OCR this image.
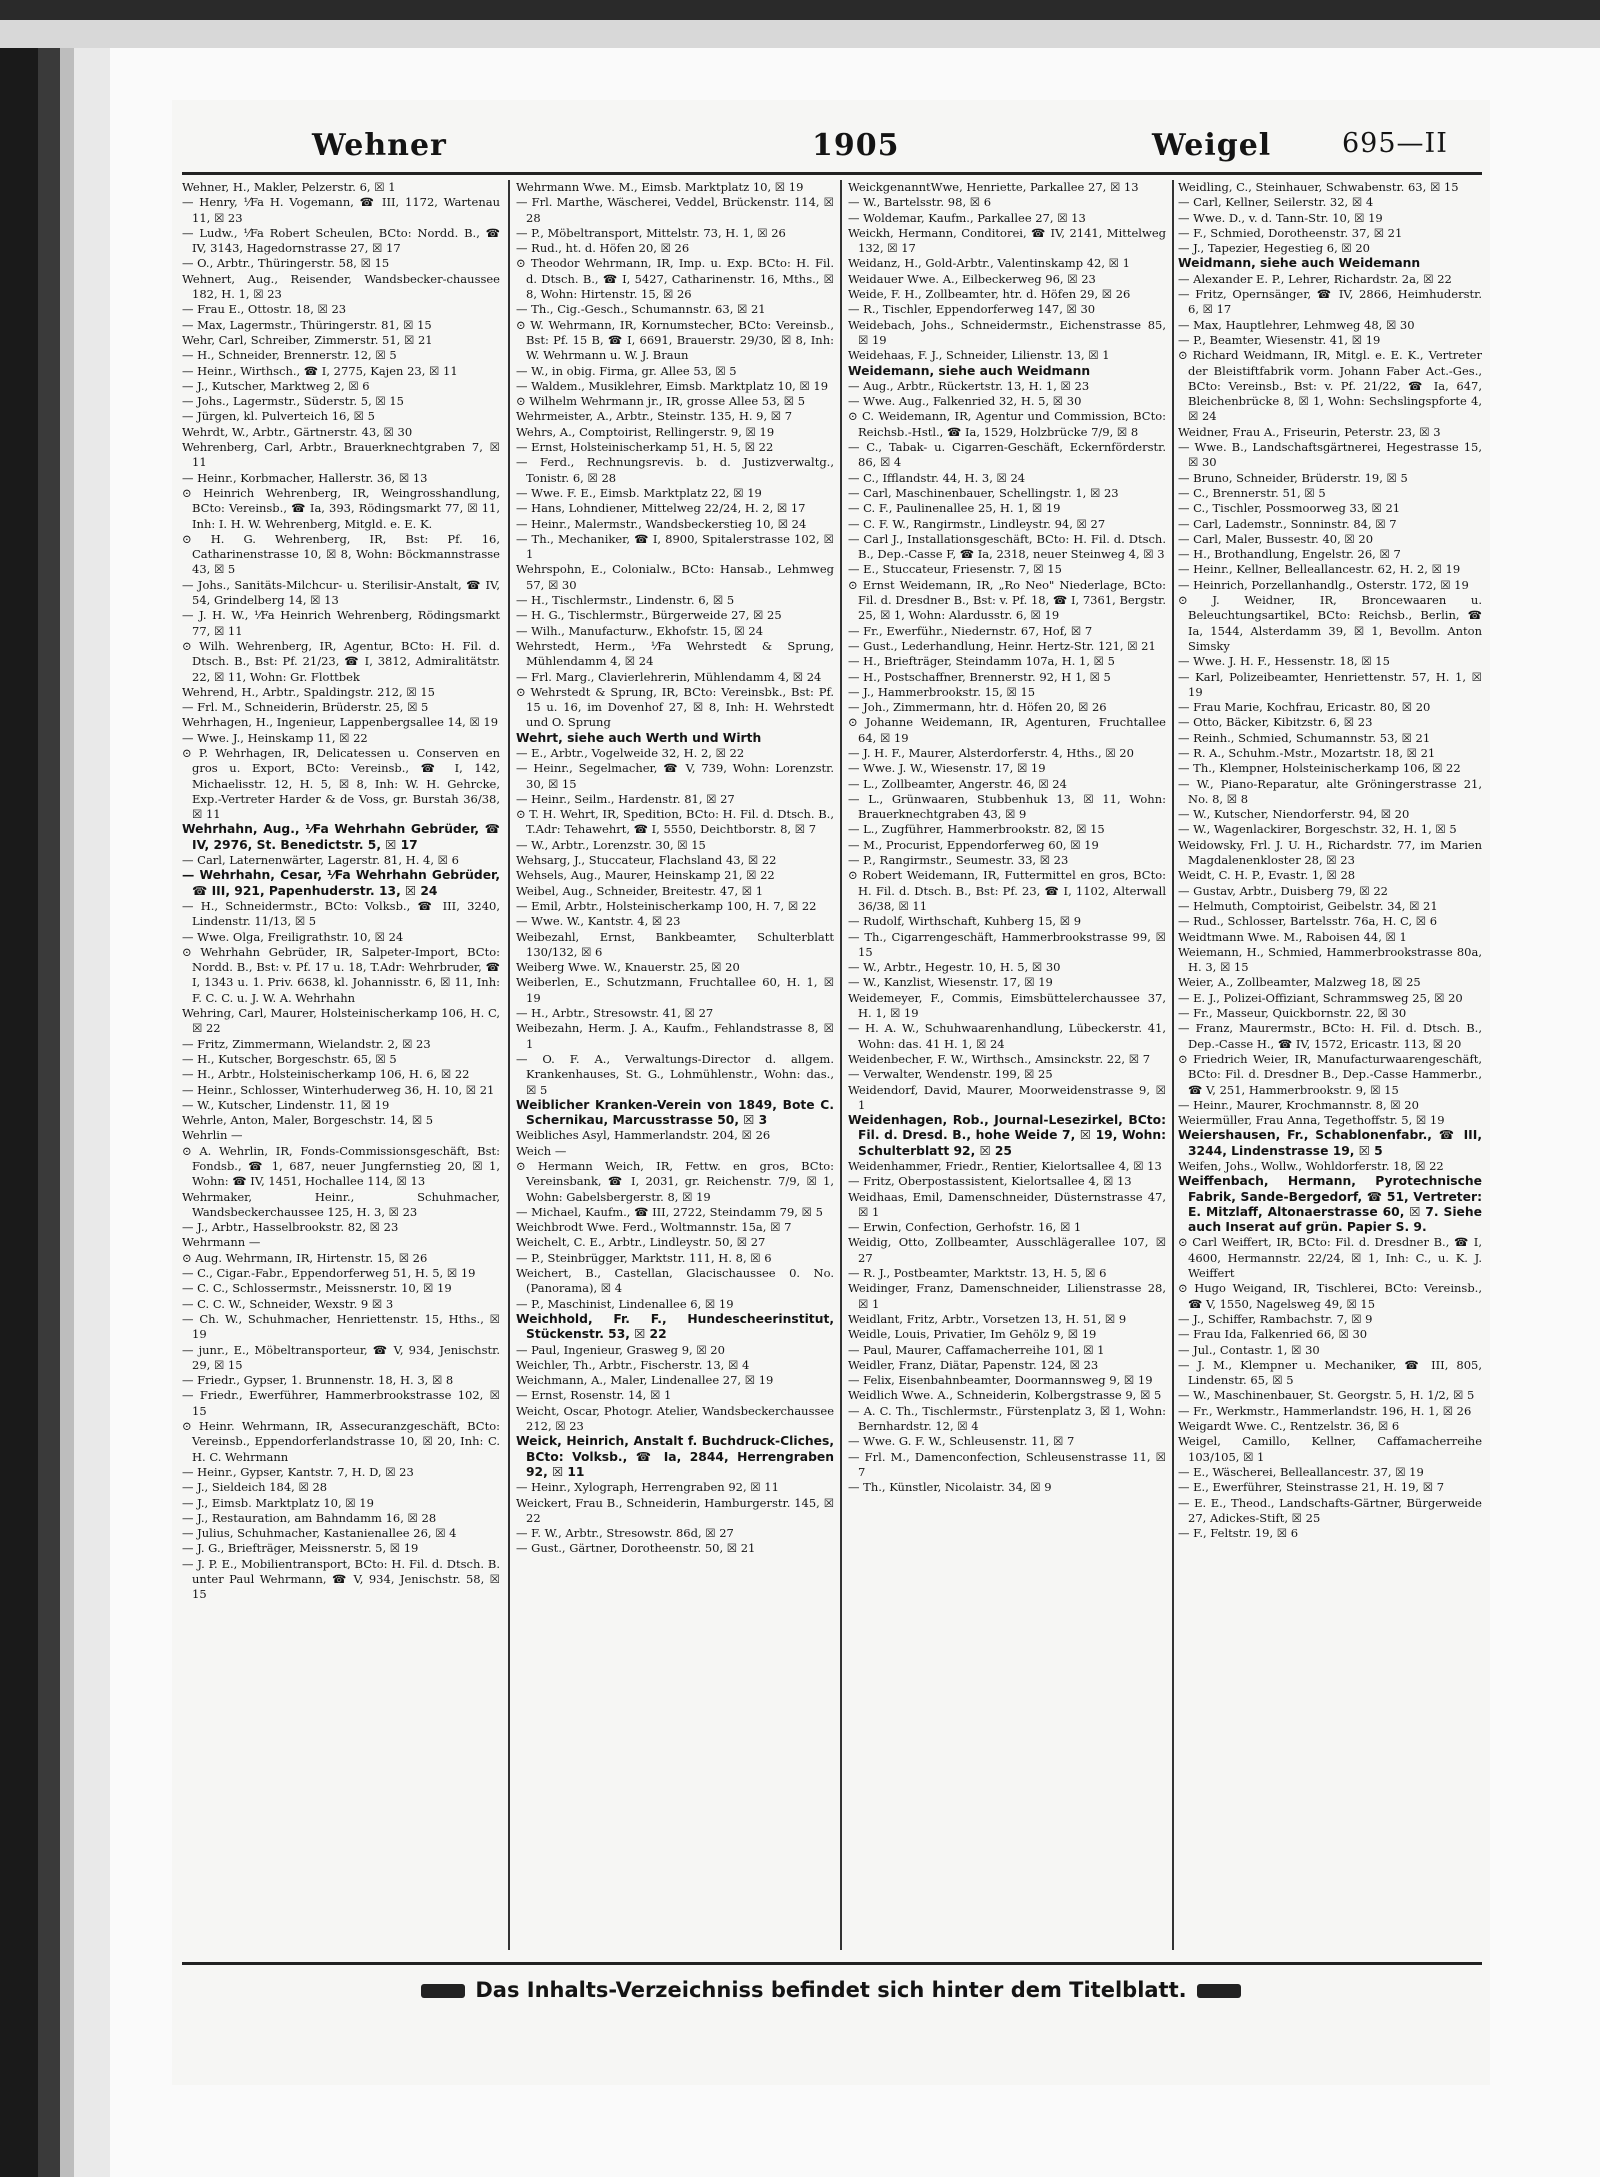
Wehner	1905	Weigel	695—II

Wehner, H., Makler, Pelzerstr. 6, ☒ 1

— Henry, ⅟Fa H. Vogemann, ☎ III, 1172, Wartenau 11, ☒ 23

— Ludw., ⅟Fa Robert Scheulen, BCto: Nordd. B., ☎ IV, 3143, Hagedornstrasse 27, ☒ 17

— O., Arbtr., Thüringerstr. 58, ☒ 15

Wehnert, Aug., Reisender, Wandsbecker-chaussee 182, H. 1, ☒ 23

— Frau E., Ottostr. 18, ☒ 23

— Max, Lagermstr., Thüringerstr. 81, ☒ 15

Wehr, Carl, Schreiber, Zimmerstr. 51, ☒ 21

— H., Schneider, Brennerstr. 12, ☒ 5

— Heinr., Wirthsch., ☎ I, 2775, Kajen 23, ☒ 11

— J., Kutscher, Marktweg 2, ☒ 6

— Johs., Lagermstr., Süderstr. 5, ☒ 15

— Jürgen, kl. Pulverteich 16, ☒ 5

Wehrdt, W., Arbtr., Gärtnerstr. 43, ☒ 30

Wehrenberg, Carl, Arbtr., Brauerknechtgraben 7, ☒ 11

— Heinr., Korbmacher, Hallerstr. 36, ☒ 13

⊙ Heinrich Wehrenberg, IR, Weingrosshandlung, BCto: Vereinsb., ☎ Ia, 393, Rödingsmarkt 77, ☒ 11, Inh: I. H. W. Wehrenberg, Mitgld. e. E. K.

⊙ H. G. Wehrenberg, IR, Bst: Pf. 16, Catharinenstrasse 10, ☒ 8, Wohn: Böckmannstrasse 43, ☒ 5

— Johs., Sanitäts-Milchcur- u. Sterilisir-Anstalt, ☎ IV, 54, Grindelberg 14, ☒ 13

— J. H. W., ⅟Fa Heinrich Wehrenberg, Rödingsmarkt 77, ☒ 11

⊙ Wilh. Wehrenberg, IR, Agentur, BCto: H. Fil. d. Dtsch. B., Bst: Pf. 21/23, ☎ I, 3812, Admiralitätstr. 22, ☒ 11, Wohn: Gr. Flottbek

Wehrend, H., Arbtr., Spaldingstr. 212, ☒ 15

— Frl. M., Schneiderin, Brüderstr. 25, ☒ 5

Wehrhagen, H., Ingenieur, Lappenbergsallee 14, ☒ 19

— Wwe. J., Heinskamp 11, ☒ 22

⊙ P. Wehrhagen, IR, Delicatessen u. Conserven en gros u. Export, BCto: Vereinsb., ☎ I, 142, Michaelisstr. 12, H. 5, ☒ 8, Inh: W. H. Gehrcke, Exp.-Vertreter Harder & de Voss, gr. Burstah 36/38, ☒ 11

Wehrhahn, Aug., ⅟Fa Wehrhahn Gebrüder, ☎ IV, 2976, St. Benedictstr. 5, ☒ 17

— Carl, Laternenwärter, Lagerstr. 81, H. 4, ☒ 6

— Wehrhahn, Cesar, ⅟Fa Wehrhahn Gebrüder, ☎ III, 921, Papenhuderstr. 13, ☒ 24

— H., Schneidermstr., BCto: Volksb., ☎ III, 3240, Lindenstr. 11/13, ☒ 5

— Wwe. Olga, Freiligrathstr. 10, ☒ 24

⊙ Wehrhahn Gebrüder, IR, Salpeter-Import, BCto: Nordd. B., Bst: v. Pf. 17 u. 18, T.Adr: Wehrbruder, ☎ I, 1343 u. 1. Priv. 6638, kl. Johannisstr. 6, ☒ 11, Inh: F. C. C. u. J. W. A. Wehrhahn

Wehring, Carl, Maurer, Holsteinischerkamp 106, H. C, ☒ 22

— Fritz, Zimmermann, Wielandstr. 2, ☒ 23

— H., Kutscher, Borgeschstr. 65, ☒ 5

— H., Arbtr., Holsteinischerkamp 106, H. 6, ☒ 22

— Heinr., Schlosser, Winterhuderweg 36, H. 10, ☒ 21

— W., Kutscher, Lindenstr. 11, ☒ 19

Wehrle, Anton, Maler, Borgeschstr. 14, ☒ 5

Wehrlin —

⊙ A. Wehrlin, IR, Fonds-Commissionsgeschäft, Bst: Fondsb., ☎ 1, 687, neuer Jungfernstieg 20, ☒ 1, Wohn: ☎ IV, 1451, Hochallee 114, ☒ 13

Wehrmaker, Heinr., Schuhmacher, Wandsbeckerchaussee 125, H. 3, ☒ 23

— J., Arbtr., Hasselbrookstr. 82, ☒ 23

Wehrmann —

⊙ Aug. Wehrmann, IR, Hirtenstr. 15, ☒ 26

— C., Cigar.-Fabr., Eppendorferweg 51, H. 5, ☒ 19

— C. C., Schlossermstr., Meissnerstr. 10, ☒ 19

— C. C. W., Schneider, Wexstr. 9 ☒ 3

— Ch. W., Schuhmacher, Henriettenstr. 15, Hths., ☒ 19

— junr., E., Möbeltransporteur, ☎ V, 934, Jenischstr. 29, ☒ 15

— Friedr., Gypser, 1. Brunnenstr. 18, H. 3, ☒ 8

— Friedr., Ewerführer, Hammerbrookstrasse 102, ☒ 15

⊙ Heinr. Wehrmann, IR, Assecuranzgeschäft, BCto: Vereinsb., Eppendorferlandstrasse 10, ☒ 20, Inh: C. H. C. Wehrmann

— Heinr., Gypser, Kantstr. 7, H. D, ☒ 23

— J., Sieldeich 184, ☒ 28

— J., Eimsb. Marktplatz 10, ☒ 19

— J., Restauration, am Bahndamm 16, ☒ 28

— Julius, Schuhmacher, Kastanienallee 26, ☒ 4

— J. G., Briefträger, Meissnerstr. 5, ☒ 19

— J. P. E., Mobilientransport, BCto: H. Fil. d. Dtsch. B. unter Paul Wehrmann, ☎ V, 934, Jenischstr. 58, ☒ 15

Wehrmann Wwe. M., Eimsb. Marktplatz 10, ☒ 19

— Frl. Marthe, Wäscherei, Veddel, Brückenstr. 114, ☒ 28

— P., Möbeltransport, Mittelstr. 73, H. 1, ☒ 26

— Rud., ht. d. Höfen 20, ☒ 26

⊙ Theodor Wehrmann, IR, Imp. u. Exp. BCto: H. Fil. d. Dtsch. B., ☎ I, 5427, Catharinenstr. 16, Mths., ☒ 8, Wohn: Hirtenstr. 15, ☒ 26

— Th., Cig.-Gesch., Schumannstr. 63, ☒ 21

⊙ W. Wehrmann, IR, Kornumstecher, BCto: Vereinsb., Bst: Pf. 15 B, ☎ I, 6691, Brauerstr. 29/30, ☒ 8, Inh: W. Wehrmann u. W. J. Braun

— W., in obig. Firma, gr. Allee 53, ☒ 5

— Waldem., Musiklehrer, Eimsb. Marktplatz 10, ☒ 19

⊙ Wilhelm Wehrmann jr., IR, grosse Allee 53, ☒ 5

Wehrmeister, A., Arbtr., Steinstr. 135, H. 9, ☒ 7

Wehrs, A., Comptoirist, Rellingerstr. 9, ☒ 19

— Ernst, Holsteinischerkamp 51, H. 5, ☒ 22

— Ferd., Rechnungsrevis. b. d. Justizverwaltg., Tonistr. 6, ☒ 28

— Wwe. F. E., Eimsb. Marktplatz 22, ☒ 19

— Hans, Lohndiener, Mittelweg 22/24, H. 2, ☒ 17

— Heinr., Malermstr., Wandsbeckerstieg 10, ☒ 24

— Th., Mechaniker, ☎ I, 8900, Spitalerstrasse 102, ☒ 1

Wehrspohn, E., Colonialw., BCto: Hansab., Lehmweg 57, ☒ 30

— H., Tischlermstr., Lindenstr. 6, ☒ 5

— H. G., Tischlermstr., Bürgerweide 27, ☒ 25

— Wilh., Manufacturw., Ekhofstr. 15, ☒ 24

Wehrstedt, Herm., ⅟Fa Wehrstedt & Sprung, Mühlendamm 4, ☒ 24

— Frl. Marg., Clavierlehrerin, Mühlendamm 4, ☒ 24

⊙ Wehrstedt & Sprung, IR, BCto: Vereinsbk., Bst: Pf. 15 u. 16, im Dovenhof 27, ☒ 8, Inh: H. Wehrstedt und O. Sprung

Wehrt, siehe auch Werth und Wirth

— E., Arbtr., Vogelweide 32, H. 2, ☒ 22

— Heinr., Segelmacher, ☎ V, 739, Wohn: Lorenzstr. 30, ☒ 15

— Heinr., Seilm., Hardenstr. 81, ☒ 27

⊙ T. H. Wehrt, IR, Spedition, BCto: H. Fil. d. Dtsch. B., T.Adr: Tehawehrt, ☎ I, 5550, Deichtborstr. 8, ☒ 7

— W., Arbtr., Lorenzstr. 30, ☒ 15

Wehsarg, J., Stuccateur, Flachsland 43, ☒ 22

Wehsels, Aug., Maurer, Heinskamp 21, ☒ 22

Weibel, Aug., Schneider, Breitestr. 47, ☒ 1

— Emil, Arbtr., Holsteinischerkamp 100, H. 7, ☒ 22

— Wwe. W., Kantstr. 4, ☒ 23

Weibezahl, Ernst, Bankbeamter, Schulterblatt 130/132, ☒ 6

Weiberg Wwe. W., Knauerstr. 25, ☒ 20

Weiberlen, E., Schutzmann, Fruchtallee 60, H. 1, ☒ 19

— H., Arbtr., Stresowstr. 41, ☒ 27

Weibezahn, Herm. J. A., Kaufm., Fehlandstrasse 8, ☒ 1

— O. F. A., Verwaltungs-Director d. allgem. Krankenhauses, St. G., Lohmühlenstr., Wohn: das., ☒ 5

Weiblicher Kranken-Verein von 1849, Bote C. Schernikau, Marcusstrasse 50, ☒ 3

Weibliches Asyl, Hammerlandstr. 204, ☒ 26

Weich —

⊙ Hermann Weich, IR, Fettw. en gros, BCto: Vereinsbank, ☎ I, 2031, gr. Reichenstr. 7/9, ☒ 1, Wohn: Gabelsbergerstr. 8, ☒ 19

— Michael, Kaufm., ☎ III, 2722, Steindamm 79, ☒ 5

Weichbrodt Wwe. Ferd., Woltmannstr. 15a, ☒ 7

Weichelt, C. E., Arbtr., Lindleystr. 50, ☒ 27

— P., Steinbrügger, Marktstr. 111, H. 8, ☒ 6

Weichert, B., Castellan, Glacischaussee 0. No. (Panorama), ☒ 4

— P., Maschinist, Lindenallee 6, ☒ 19

Weichhold, Fr. F., Hundescheerinstitut, Stückenstr. 53, ☒ 22

— Paul, Ingenieur, Grasweg 9, ☒ 20

Weichler, Th., Arbtr., Fischerstr. 13, ☒ 4

Weichmann, A., Maler, Lindenallee 27, ☒ 19

— Ernst, Rosenstr. 14, ☒ 1

Weicht, Oscar, Photogr. Atelier, Wandsbeckerchaussee 212, ☒ 23

Weick, Heinrich, Anstalt f. Buchdruck-Cliches, BCto: Volksb., ☎ Ia, 2844, Herrengraben 92, ☒ 11

— Heinr., Xylograph, Herrengraben 92, ☒ 11

Weickert, Frau B., Schneiderin, Hamburgerstr. 145, ☒ 22

— F. W., Arbtr., Stresowstr. 86d, ☒ 27

— Gust., Gärtner, Dorotheenstr. 50, ☒ 21

WeickgenanntWwe, Henriette, Parkallee 27, ☒ 13

— W., Bartelsstr. 98, ☒ 6

— Woldemar, Kaufm., Parkallee 27, ☒ 13

Weickh, Hermann, Conditorei, ☎ IV, 2141, Mittelweg 132, ☒ 17

Weidanz, H., Gold-Arbtr., Valentinskamp 42, ☒ 1

Weidauer Wwe. A., Eilbeckerweg 96, ☒ 23

Weide, F. H., Zollbeamter, htr. d. Höfen 29, ☒ 26

— R., Tischler, Eppendorferweg 147, ☒ 30

Weidebach, Johs., Schneidermstr., Eichenstrasse 85, ☒ 19

Weidehaas, F. J., Schneider, Lilienstr. 13, ☒ 1

Weidemann, siehe auch Weidmann

— Aug., Arbtr., Rückertstr. 13, H. 1, ☒ 23

— Wwe. Aug., Falkenried 32, H. 5, ☒ 30

⊙ C. Weidemann, IR, Agentur und Commission, BCto: Reichsb.-Hstl., ☎ Ia, 1529, Holzbrücke 7/9, ☒ 8

— C., Tabak- u. Cigarren-Geschäft, Eckernförderstr. 86, ☒ 4

— C., Ifflandstr. 44, H. 3, ☒ 24

— Carl, Maschinenbauer, Schellingstr. 1, ☒ 23

— C. F., Paulinenallee 25, H. 1, ☒ 19

— C. F. W., Rangirmstr., Lindleystr. 94, ☒ 27

— Carl J., Installationsgeschäft, BCto: H. Fil. d. Dtsch. B., Dep.-Casse F, ☎ Ia, 2318, neuer Steinweg 4, ☒ 3

— E., Stuccateur, Friesenstr. 7, ☒ 15

⊙ Ernst Weidemann, IR, „Ro Neo" Niederlage, BCto: Fil. d. Dresdner B., Bst: v. Pf. 18, ☎ I, 7361, Bergstr. 25, ☒ 1, Wohn: Alardusstr. 6, ☒ 19

— Fr., Ewerführ., Niedernstr. 67, Hof, ☒ 7

— Gust., Lederhandlung, Heinr. Hertz-Str. 121, ☒ 21

— H., Briefträger, Steindamm 107a, H. 1, ☒ 5

— H., Postschaffner, Brennerstr. 92, H 1, ☒ 5

— J., Hammerbrookstr. 15, ☒ 15

— Joh., Zimmermann, htr. d. Höfen 20, ☒ 26

⊙ Johanne Weidemann, IR, Agenturen, Fruchtallee 64, ☒ 19

— J. H. F., Maurer, Alsterdorferstr. 4, Hths., ☒ 20

— Wwe. J. W., Wiesenstr. 17, ☒ 19

— L., Zollbeamter, Angerstr. 46, ☒ 24

— L., Grünwaaren, Stubbenhuk 13, ☒ 11, Wohn: Brauerknechtgraben 43, ☒ 9

— L., Zugführer, Hammerbrookstr. 82, ☒ 15

— M., Procurist, Eppendorferweg 60, ☒ 19

— P., Rangirmstr., Seumestr. 33, ☒ 23

⊙ Robert Weidemann, IR, Futtermittel en gros, BCto: H. Fil. d. Dtsch. B., Bst: Pf. 23, ☎ I, 1102, Alterwall 36/38, ☒ 11

— Rudolf, Wirthschaft, Kuhberg 15, ☒ 9

— Th., Cigarrengeschäft, Hammerbrookstrasse 99, ☒ 15

— W., Arbtr., Hegestr. 10, H. 5, ☒ 30

— W., Kanzlist, Wiesenstr. 17, ☒ 19

Weidemeyer, F., Commis, Eimsbüttelerchaussee 37, H. 1, ☒ 19

— H. A. W., Schuhwaarenhandlung, Lübeckerstr. 41, Wohn: das. 41 H. 1, ☒ 24

Weidenbecher, F. W., Wirthsch., Amsinckstr. 22, ☒ 7

— Verwalter, Wendenstr. 199, ☒ 25

Weidendorf, David, Maurer, Moorweidenstrasse 9, ☒ 1

Weidenhagen, Rob., Journal-Lesezirkel, BCto: Fil. d. Dresd. B., hohe Weide 7, ☒ 19, Wohn: Schulterblatt 92, ☒ 25

Weidenhammer, Friedr., Rentier, Kielortsallee 4, ☒ 13

— Fritz, Oberpostassistent, Kielortsallee 4, ☒ 13

Weidhaas, Emil, Damenschneider, Düsternstrasse 47, ☒ 1

— Erwin, Confection, Gerhofstr. 16, ☒ 1

Weidig, Otto, Zollbeamter, Ausschlägerallee 107, ☒ 27

— R. J., Postbeamter, Marktstr. 13, H. 5, ☒ 6

Weidinger, Franz, Damenschneider, Lilienstrasse 28, ☒ 1

Weidlant, Fritz, Arbtr., Vorsetzen 13, H. 51, ☒ 9

Weidle, Louis, Privatier, Im Gehölz 9, ☒ 19

— Paul, Maurer, Caffamacherreihe 101, ☒ 1

Weidler, Franz, Diätar, Papenstr. 124, ☒ 23

— Felix, Eisenbahnbeamter, Doormannsweg 9, ☒ 19

Weidlich Wwe. A., Schneiderin, Kolbergstrasse 9, ☒ 5

— A. C. Th., Tischlermstr., Fürstenplatz 3, ☒ 1, Wohn: Bernhardstr. 12, ☒ 4

— Wwe. G. F. W., Schleusenstr. 11, ☒ 7

— Frl. M., Damenconfection, Schleusenstrasse 11, ☒ 7

— Th., Künstler, Nicolaistr. 34, ☒ 9

Weidling, C., Steinhauer, Schwabenstr. 63, ☒ 15

— Carl, Kellner, Seilerstr. 32, ☒ 4

— Wwe. D., v. d. Tann-Str. 10, ☒ 19

— F., Schmied, Dorotheenstr. 37, ☒ 21

— J., Tapezier, Hegestieg 6, ☒ 20

Weidmann, siehe auch Weidemann

— Alexander E. P., Lehrer, Richardstr. 2a, ☒ 22

— Fritz, Opernsänger, ☎ IV, 2866, Heimhuderstr. 6, ☒ 17

— Max, Hauptlehrer, Lehmweg 48, ☒ 30

— P., Beamter, Wiesenstr. 41, ☒ 19

⊙ Richard Weidmann, IR, Mitgl. e. E. K., Vertreter der Bleistiftfabrik vorm. Johann Faber Act.-Ges., BCto: Vereinsb., Bst: v. Pf. 21/22, ☎ Ia, 647, Bleichenbrücke 8, ☒ 1, Wohn: Sechslingspforte 4, ☒ 24

Weidner, Frau A., Friseurin, Peterstr. 23, ☒ 3

— Wwe. B., Landschaftsgärtnerei, Hegestrasse 15, ☒ 30

— Bruno, Schneider, Brüderstr. 19, ☒ 5

— C., Brennerstr. 51, ☒ 5

— C., Tischler, Possmoorweg 33, ☒ 21

— Carl, Lademstr., Sonninstr. 84, ☒ 7

— Carl, Maler, Bussestr. 40, ☒ 20

— H., Brothandlung, Engelstr. 26, ☒ 7

— Heinr., Kellner, Belleallancestr. 62, H. 2, ☒ 19

— Heinrich, Porzellanhandlg., Osterstr. 172, ☒ 19

⊙ J. Weidner, IR, Broncewaaren u. Beleuchtungsartikel, BCto: Reichsb., Berlin, ☎ Ia, 1544, Alsterdamm 39, ☒ 1, Bevollm. Anton Simsky

— Wwe. J. H. F., Hessenstr. 18, ☒ 15

— Karl, Polizeibeamter, Henriettenstr. 57, H. 1, ☒ 19

— Frau Marie, Kochfrau, Ericastr. 80, ☒ 20

— Otto, Bäcker, Kibitzstr. 6, ☒ 23

— Reinh., Schmied, Schumannstr. 53, ☒ 21

— R. A., Schuhm.-Mstr., Mozartstr. 18, ☒ 21

— Th., Klempner, Holsteinischerkamp 106, ☒ 22

— W., Piano-Reparatur, alte Gröningerstrasse 21, No. 8, ☒ 8

— W., Kutscher, Niendorferstr. 94, ☒ 20

— W., Wagenlackirer, Borgeschstr. 32, H. 1, ☒ 5

Weidowsky, Frl. J. U. H., Richardstr. 77, im Marien Magdalenenkloster 28, ☒ 23

Weidt, C. H. P., Evastr. 1, ☒ 28

— Gustav, Arbtr., Duisberg 79, ☒ 22

— Helmuth, Comptoirist, Geibelstr. 34, ☒ 21

— Rud., Schlosser, Bartelsstr. 76a, H. C, ☒ 6

Weidtmann Wwe. M., Raboisen 44, ☒ 1

Weiemann, H., Schmied, Hammerbrookstrasse 80a, H. 3, ☒ 15

Weier, A., Zollbeamter, Malzweg 18, ☒ 25

— E. J., Polizei-Offiziant, Schrammsweg 25, ☒ 20

— Fr., Masseur, Quickbornstr. 22, ☒ 30

— Franz, Maurermstr., BCto: H. Fil. d. Dtsch. B., Dep.-Casse H., ☎ IV, 1572, Ericastr. 113, ☒ 20

⊙ Friedrich Weier, IR, Manufacturwaarengeschäft, BCto: Fil. d. Dresdner B., Dep.-Casse Hammerbr., ☎ V, 251, Hammerbrookstr. 9, ☒ 15

— Heinr., Maurer, Krochmannstr. 8, ☒ 20

Weiermüller, Frau Anna, Tegethoffstr. 5, ☒ 19

Weiershausen, Fr., Schablonenfabr., ☎ III, 3244, Lindenstrasse 19, ☒ 5

Weifen, Johs., Wollw., Wohldorferstr. 18, ☒ 22

Weiffenbach, Hermann, Pyrotechnische Fabrik, Sande-Bergedorf, ☎ 51, Vertreter: E. Mitzlaff, Altonaerstrasse 60, ☒ 7. Siehe auch Inserat auf grün. Papier S. 9.

⊙ Carl Weiffert, IR, BCto: Fil. d. Dresdner B., ☎ I, 4600, Hermannstr. 22/24, ☒ 1, Inh: C., u. K. J. Weiffert

⊙ Hugo Weigand, IR, Tischlerei, BCto: Vereinsb., ☎ V, 1550, Nagelsweg 49, ☒ 15

— J., Schiffer, Rambachstr. 7, ☒ 9

— Frau Ida, Falkenried 66, ☒ 30

— Jul., Contastr. 1, ☒ 30

— J. M., Klempner u. Mechaniker, ☎ III, 805, Lindenstr. 65, ☒ 5

— W., Maschinenbauer, St. Georgstr. 5, H. 1/2, ☒ 5

— Fr., Werkmstr., Hammerlandstr. 196, H. 1, ☒ 26

Weigardt Wwe. C., Rentzelstr. 36, ☒ 6

Weigel, Camillo, Kellner, Caffamacherreihe 103/105, ☒ 1

— E., Wäscherei, Belleallancestr. 37, ☒ 19

— E., Ewerführer, Steinstrasse 21, H. 19, ☒ 7

— E. E., Theod., Landschafts-Gärtner, Bürgerweide 27, Adickes-Stift, ☒ 25

— F., Feltstr. 19, ☒ 6

Das Inhalts-Verzeichniss befindet sich hinter dem Titelblatt.
